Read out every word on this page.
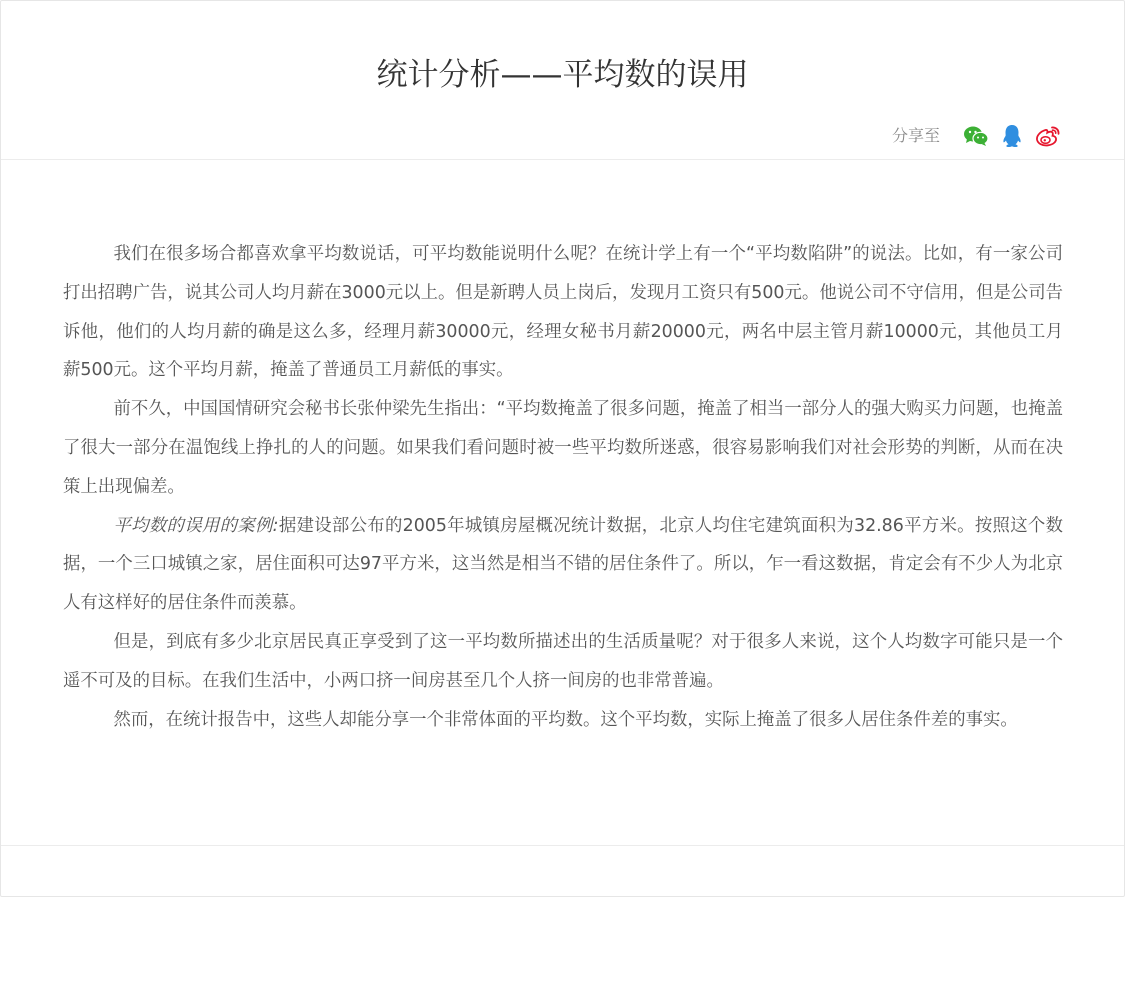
统计分析——平均数的误用
分享至

我们在很多场合都喜欢拿平均数说话，可平均数能说明什么呢？在统计学上有一个“平均数陷阱”的说法。比如，有一家公司打出招聘广告，说其公司人均月薪在3000元以上。但是新聘人员上岗后，发现月工资只有500元。他说公司不守信用，但是公司告诉他，他们的人均月薪的确是这么多，经理月薪30000元，经理女秘书月薪20000元，两名中层主管月薪10000元，其他员工月薪500元。这个平均月薪，掩盖了普通员工月薪低的事实。

前不久，中国国情研究会秘书长张仲梁先生指出：“平均数掩盖了很多问题，掩盖了相当一部分人的强大购买力问题，也掩盖了很大一部分在温饱线上挣扎的人的问题。如果我们看问题时被一些平均数所迷惑，很容易影响我们对社会形势的判断，从而在决策上出现偏差。

平均数的误用的案例:据建设部公布的2005年城镇房屋概况统计数据，北京人均住宅建筑面积为32.86平方米。按照这个数据，一个三口城镇之家，居住面积可达97平方米，这当然是相当不错的居住条件了。所以，乍一看这数据，肯定会有不少人为北京人有这样好的居住条件而羡慕。

但是，到底有多少北京居民真正享受到了这一平均数所描述出的生活质量呢？对于很多人来说，这个人均数字可能只是一个遥不可及的目标。在我们生活中，小两口挤一间房甚至几个人挤一间房的也非常普遍。

然而，在统计报告中，这些人却能分享一个非常体面的平均数。这个平均数，实际上掩盖了很多人居住条件差的事实。
